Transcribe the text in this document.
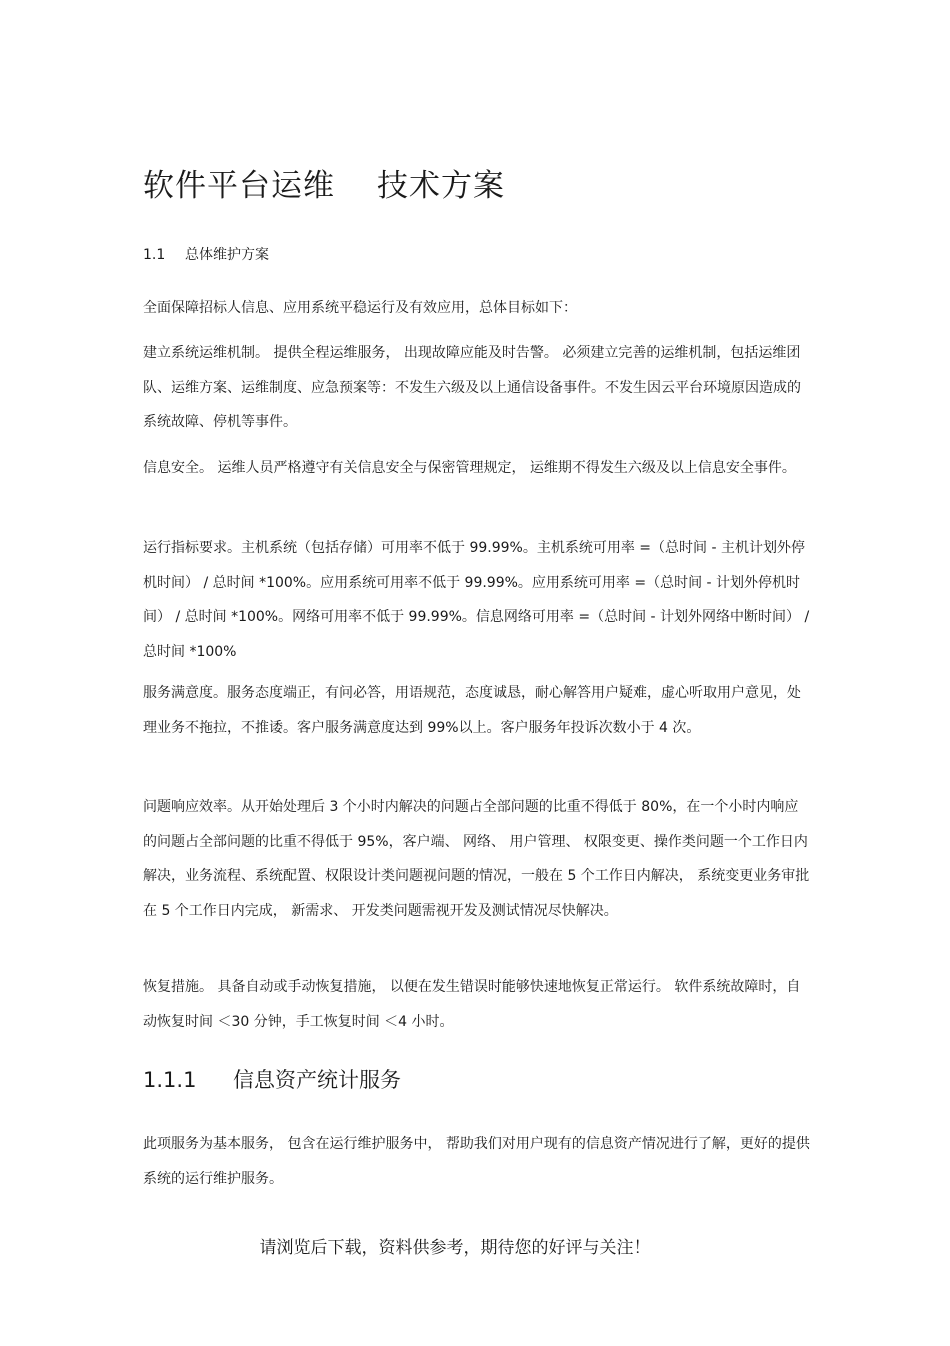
软件平台运维 技术方案
1.1 总体维护方案

全面保障招标人信息、应用系统平稳运行及有效应用，总体目标如下：

建立系统运维机制。 提供全程运维服务， 出现故障应能及时告警。 必须建立完善的运维机制，包括运维团队、运维方案、运维制度、应急预案等：不发生六级及以上通信设备事件。不发生因云平台环境原因造成的系统故障、停机等事件。

信息安全。 运维人员严格遵守有关信息安全与保密管理规定， 运维期不得发生六级及以上信息安全事件。

运行指标要求。主机系统（包括存储）可用率不低于 99.99%。主机系统可用率 =（总时间 - 主机计划外停机时间） / 总时间 *100%。应用系统可用率不低于 99.99%。应用系统可用率 =（总时间 - 计划外停机时间） / 总时间 *100%。网络可用率不低于 99.99%。信息网络可用率 =（总时间 - 计划外网络中断时间） / 总时间 *100%

服务满意度。服务态度端正，有问必答，用语规范，态度诚恳，耐心解答用户疑难，虚心听取用户意见，处理业务不拖拉，不推诿。客户服务满意度达到 99%以上。客户服务年投诉次数小于 4 次。

问题响应效率。从开始处理后 3 个小时内解决的问题占全部问题的比重不得低于 80%，在一个小时内响应的问题占全部问题的比重不得低于 95%，客户端、 网络、 用户管理、 权限变更、操作类问题一个工作日内解决，业务流程、系统配置、权限设计类问题视问题的情况，一般在 5 个工作日内解决， 系统变更业务审批在 5 个工作日内完成， 新需求、 开发类问题需视开发及测试情况尽快解决。

恢复措施。 具备自动或手动恢复措施， 以便在发生错误时能够快速地恢复正常运行。 软件系统故障时，自动恢复时间 ＜30 分钟，手工恢复时间 ＜4 小时。

1.1.1 信息资产统计服务

此项服务为基本服务， 包含在运行维护服务中， 帮助我们对用户现有的信息资产情况进行了解，更好的提供系统的运行维护服务。

请浏览后下载，资料供参考，期待您的好评与关注！
